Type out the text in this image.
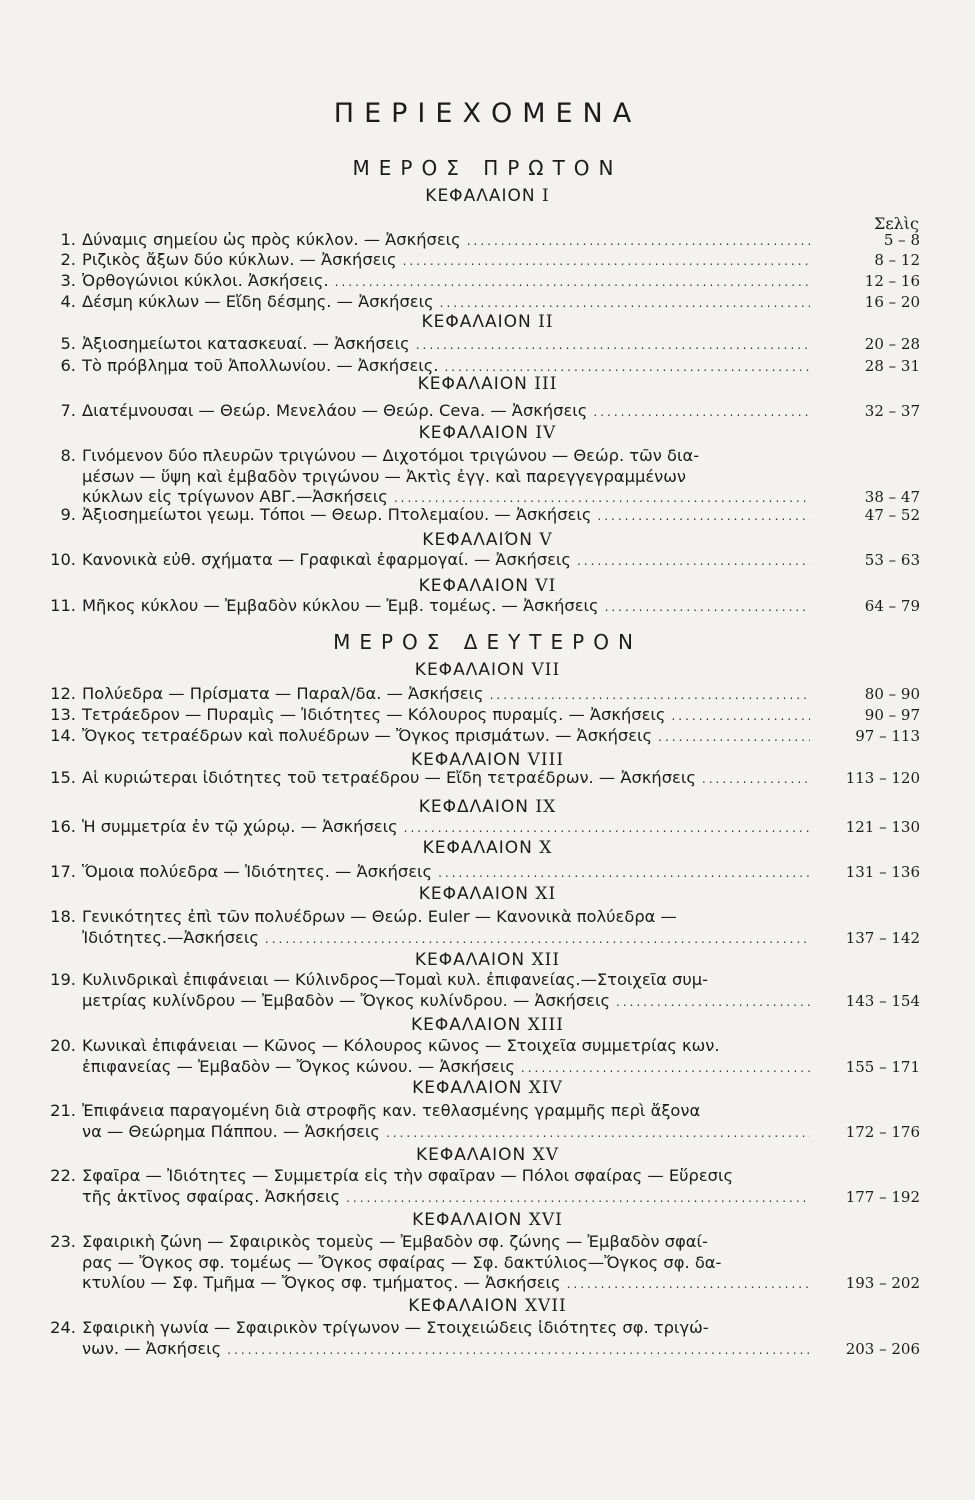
ΠΕΡΙΕΧΟΜΕΝΑ
ΜΕΡΟΣ ΠΡΩΤΟΝ
Σελὶς
ΜΕΡΟΣ ΔΕΥΤΕΡΟΝ
ΚΕΦΑΛΑΙΟΝ I
ΚΕΦΑΛΑΙΟΝ II
ΚΕΦΑΛΑΙΟΝ III
ΚΕΦΑΛΑΙΟΝ IV
ΚΕΦΑΛΑΙΌΝ V
ΚΕΦΑΛΑΙΟΝ VI
ΚΕΦΑΛΑΙΟΝ VII
ΚΕΦΑΛΑΙΟΝ VIII
ΚΕΦΔΛΑΙΟΝ IX
ΚΕΦΑΛΑΙΟΝ X
ΚΕΦΑΛΑΙΟΝ XI
ΚΕΦΑΛΑΙΟΝ XII
ΚΕΦΑΛΑΙΟΝ XIII
ΚΕΦΑΛΑΙΟΝ XIV
ΚΕΦΑΛΑΙΟΝ XV
ΚΕΦΑΛΑΙΟΝ XVI
ΚΕΦΑΛΑΙΟΝ XVII
1. Δύναμις σημείου ὡς πρὸς κύκλον. — Ἀσκήσεις .....	5 – 8
2. Ριζικὸς ἄξων δύο κύκλων. — Ἀσκήσεις .....	8 – 12
3. Ὀρθογώνιοι κύκλοι. Ἀσκήσεις. .....	12 – 16
4. Δέσμη κύκλων — Εἴδη δέσμης. — Ἀσκήσεις .....	16 – 20
5. Ἀξιοσημείωτοι κατασκευαί. — Ἀσκήσεις .....	20 – 28
6. Τὸ πρόβλημα τοῦ Ἀπολλωνίου. — Ἀσκήσεις. .....	28 – 31
7. Διατέμνουσαι — Θεώρ. Μενελάου — Θεώρ. Ceva. — Ἀσκήσεις .....	32 – 37
8. Γινόμενον δύο πλευρῶν τριγώνου — Διχοτόμοι τριγώνου — Θεώρ. τῶν δια-
μέσων — ὕψη καὶ ἐμβαδὸν τριγώνου — Ἀκτὶς ἐγγ. καὶ παρεγγεγραμμένων
κύκλων εἰς τρίγωνον ΑΒΓ.—Ἀσκήσεις .....	38 – 47
9. Ἀξιοσημείωτοι γεωμ. Τόποι — Θεωρ. Πτολεμαίου. — Ἀσκήσεις .....	47 – 52
10. Κανονικὰ εὐθ. σχήματα — Γραφικαὶ ἐφαρμογαί. — Ἀσκήσεις .....	53 – 63
11. Μῆκος κύκλου — Ἐμβαδὸν κύκλου — Ἐμβ. τομέως. — Ἀσκήσεις .....	64 – 79
12. Πολύεδρα — Πρίσματα — Παραλ/δα. — Ἀσκήσεις .....	80 – 90
13. Τετράεδρον — Πυραμὶς — Ἰδιότητες — Κόλουρος πυραμίς. — Ἀσκήσεις .....	90 – 97
14. Ὄγκος τετραέδρων καὶ πολυέδρων — Ὄγκος πρισμάτων. — Ἀσκήσεις .....	97 – 113
15. Αἱ κυριώτεραι ἰδιότητες τοῦ τετραέδρου — Εἴδη τετραέδρων. — Ἀσκήσεις .....	113 – 120
16. Ἡ συμμετρία ἐν τῷ χώρῳ. — Ἀσκήσεις .....	121 – 130
17. Ὅμοια πολύεδρα — Ἰδιότητες. — Ἀσκήσεις .....	131 – 136
18. Γενικότητες ἐπὶ τῶν πολυέδρων — Θεώρ. Euler — Κανονικὰ πολύεδρα —
Ἰδιότητες.—Ἀσκήσεις .....	137 – 142
19. Κυλινδρικαὶ ἐπιφάνειαι — Κύλινδρος—Τομαὶ κυλ. ἐπιφανείας.—Στοιχεῖα συμ-
μετρίας κυλίνδρου — Ἐμβαδὸν — Ὄγκος κυλίνδρου. — Ἀσκήσεις .....	143 – 154
20. Κωνικαὶ ἐπιφάνειαι — Κῶνος — Κόλουρος κῶνος — Στοιχεῖα συμμετρίας κων.
ἐπιφανείας — Ἐμβαδὸν — Ὄγκος κώνου. — Ἀσκήσεις .....	155 – 171
21. Ἐπιφάνεια παραγομένη διὰ στροφῆς καν. τεθλασμένης γραμμῆς περὶ ἄξονα
να — Θεώρημα Πάππου. — Ἀσκήσεις .....	172 – 176
22. Σφαῖρα — Ἰδιότητες — Συμμετρία εἰς τὴν σφαῖραν — Πόλοι σφαίρας — Εὕρεσις
τῆς ἀκτῖνος σφαίρας. Ἀσκήσεις .....	177 – 192
23. Σφαιρικὴ ζώνη — Σφαιρικὸς τομεὺς — Ἐμβαδὸν σφ. ζώνης — Ἐμβαδὸν σφαί-
ρας — Ὄγκος σφ. τομέως — Ὄγκος σφαίρας — Σφ. δακτύλιος—Ὄγκος σφ. δα-
κτυλίου — Σφ. Τμῆμα — Ὄγκος σφ. τμήματος. — Ἀσκήσεις .....	193 – 202
24. Σφαιρικὴ γωνία — Σφαιρικὸν τρίγωνον — Στοιχειώδεις ἰδιότητες σφ. τριγώ-
νων. — Ἀσκήσεις .....	203 – 206
